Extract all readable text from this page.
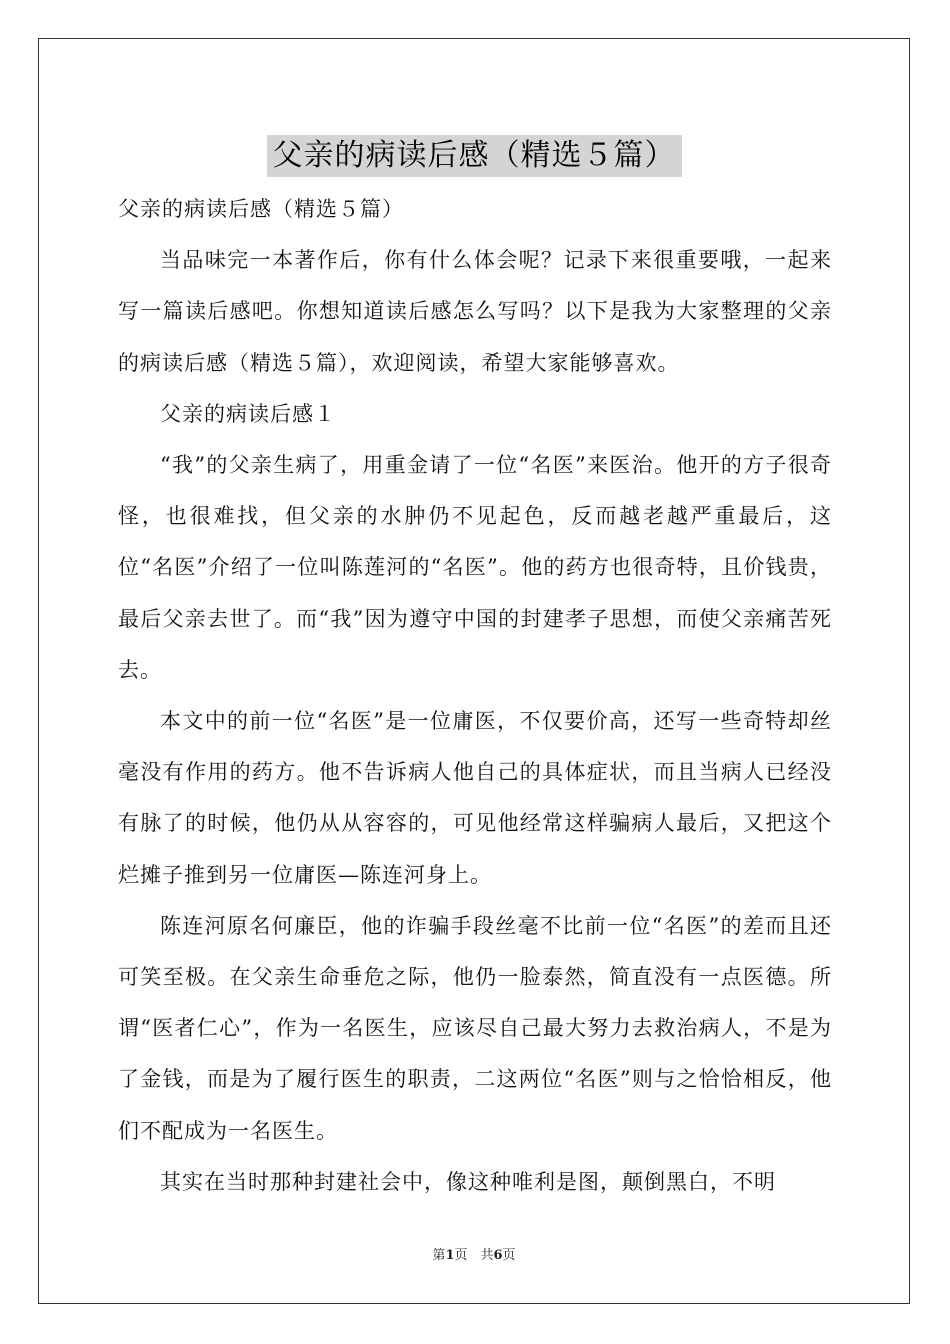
父亲的病读后感（精选５篇）

父亲的病读后感（精选５篇）

当品味完一本著作后，你有什么体会呢？记录下来很重要哦，一起来写一篇读后感吧。你想知道读后感怎么写吗？以下是我为大家整理的父亲的病读后感（精选５篇），欢迎阅读，希望大家能够喜欢。

父亲的病读后感１

“我”的父亲生病了，用重金请了一位“名医”来医治。他开的方子很奇怪，也很难找，但父亲的水肿仍不见起色，反而越老越严重最后，这位“名医”介绍了一位叫陈莲河的“名医”。他的药方也很奇特，且价钱贵，最后父亲去世了。而“我”因为遵守中国的封建孝子思想，而使父亲痛苦死去。

本文中的前一位“名医”是一位庸医，不仅要价高，还写一些奇特却丝毫没有作用的药方。他不告诉病人他自己的具体症状，而且当病人已经没有脉了的时候，他仍从从容容的，可见他经常这样骗病人最后，又把这个烂摊子推到另一位庸医—陈连河身上。

陈连河原名何廉臣，他的诈骗手段丝毫不比前一位“名医”的差而且还可笑至极。在父亲生命垂危之际，他仍一脸泰然，简直没有一点医德。所谓“医者仁心”，作为一名医生，应该尽自己最大努力去救治病人，不是为了金钱，而是为了履行医生的职责，二这两位“名医”则与之恰恰相反，他们不配成为一名医生。

其实在当时那种封建社会中，像这种唯利是图，颠倒黑白，不明

第1页　共6页
